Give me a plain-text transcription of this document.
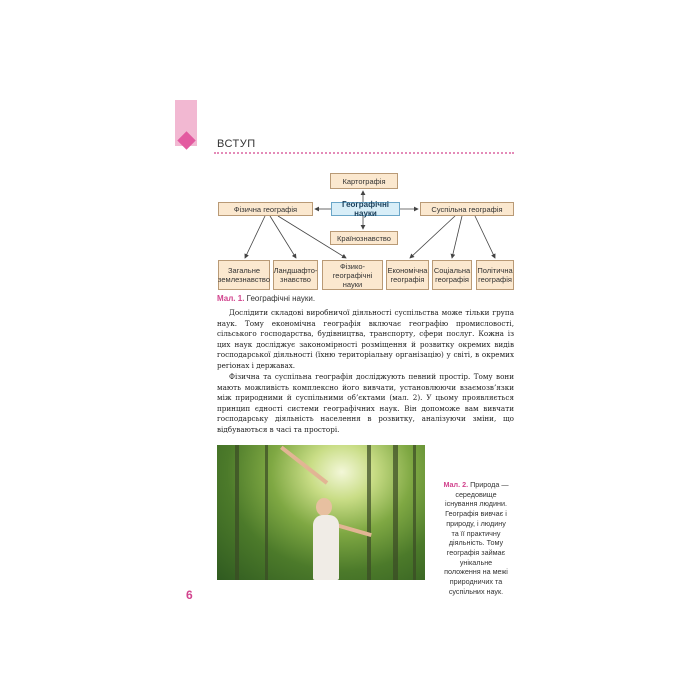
ВСТУП
Картографія
Географічні науки
Фізична географія	Суспільна географія
Країнознавство
Загальне землезнавство
Ландшафто-знавство
Фізико-географічні науки
Економічна географія
Соціальна географія
Політична географія
Мал. 1. Географічні науки.

Дослідити складові виробничої діяльності суспільства може тільки група наук. Тому економічна географія включає географію промисловості, сільського господарства, будівництва, транспорту, сфери послуг. Кожна із цих наук досліджує закономірності розміщення й розвитку окремих видів господарської діяльності (їхню територіальну організацію) у світі, в окремих регіонах і державах.

Фізична та суспільна географія досліджують певний простір. Тому вони мають можливість комплексно його вивчати, установлюючи взаємозв’язки між природними й суспільними об’єктами (мал. 2). У цьому проявляється принцип єдності системи географічних наук. Він допоможе вам вивчати господарську діяльність населення в розвитку, аналізуючи зміни, що відбуваються в часі та просторі.

Мал. 2. Природа — середовище існування людини. Географія вивчає і природу, і людину та її практичну діяльність. Тому географія займає унікальне положення на межі природничих та суспільних наук.
6
